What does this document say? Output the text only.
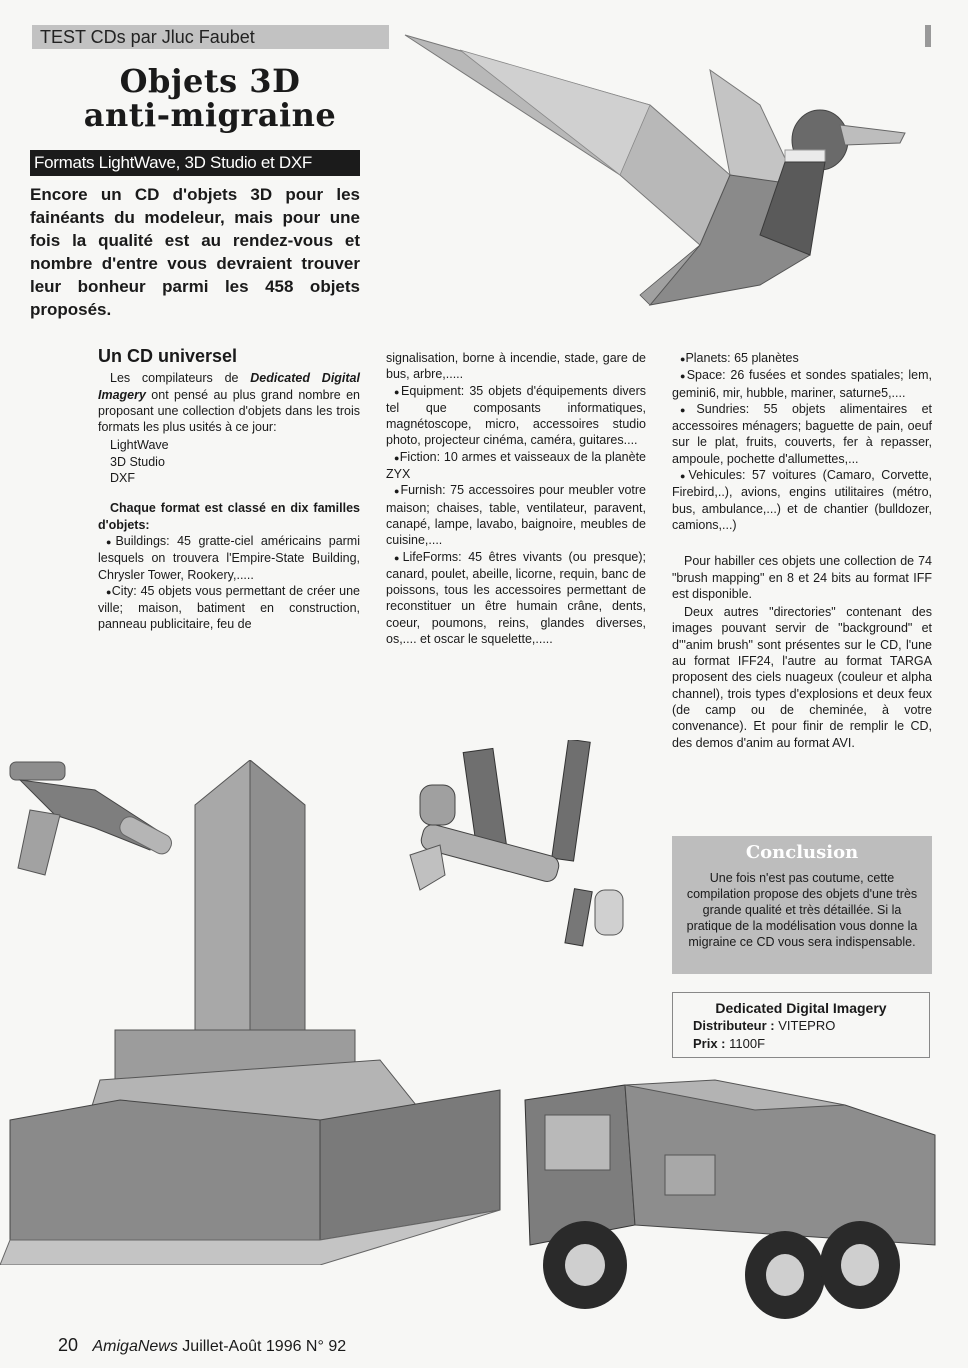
TEST CDs par Jluc Faubet
Objets 3D
anti-migraine
Formats LightWave, 3D Studio et DXF
Encore un CD d'objets 3D pour les fainéants du modeleur, mais pour une fois la qualité est au rendez-vous et nombre d'entre vous devraient trouver leur bonheur parmi les 458 objets proposés.
Un CD universel

Les compilateurs de Dedicated Digital Imagery ont pensé au plus grand nombre en proposant une collection d'objets dans les trois formats les plus usités à ce jour:

LightWave
3D Studio
DXF

Chaque format est classé en dix familles d'objets:

● Buildings: 45 gratte-ciel américains parmi lesquels on trouvera l'Empire-State Building, Chrysler Tower, Rookery,.....

● City: 45 objets vous permettant de créer une ville; maison, batiment en construction, panneau publicitaire, feu de

signalisation, borne à incendie, stade, gare de bus, arbre,.....

● Equipment: 35 objets d'équipements divers tel que composants informatiques, magnétoscope, micro, accessoires studio photo, projecteur cinéma, caméra, guitares....

● Fiction: 10 armes et vaisseaux de la planète ZYX

● Furnish: 75 accessoires pour meubler votre maison; chaises, table, ventilateur, paravent, canapé, lampe, lavabo, baignoire, meubles de cuisine,....

● LifeForms: 45 êtres vivants (ou presque); canard, poulet, abeille, licorne, requin, banc de poissons, tous les accessoires permettant de reconstituer un être humain crâne, dents, coeur, poumons, reins, glandes diverses, os,.... et oscar le squelette,.....

● Planets: 65 planètes

● Space: 26 fusées et sondes spatiales; lem, gemini6, mir, hubble, mariner, saturne5,....

● Sundries: 55 objets alimentaires et accessoires ménagers; baguette de pain, oeuf sur le plat, fruits, couverts, fer à repasser, ampoule, pochette d'allumettes,...

● Vehicules: 57 voitures (Camaro, Corvette, Firebird,..), avions, engins utilitaires (métro, bus, ambulance,...) et de chantier (bulldozer, camions,...)

Pour habiller ces objets une collection de 74 "brush mapping" en 8 et 24 bits au format IFF est disponible.

Deux autres "directories" contenant des images pouvant servir de "background" et d'"anim brush" sont présentes sur le CD, l'une au format IFF24, l'autre au format TARGA proposent des ciels nuageux (couleur et alpha channel), trois types d'explosions et deux feux (de camp ou de cheminée, à votre convenance). Et pour finir de remplir le CD, des demos d'anim au format AVI.

Conclusion
Une fois n'est pas coutume, cette compilation propose des objets d'une très grande qualité et très détaillée. Si la pratique de la modélisation vous donne la migraine ce CD vous sera indispensable.
Dedicated Digital Imagery
Distributeur : VITEPRO
Prix : 1100F
20 AmigaNews Juillet-Août 1996 N° 92
